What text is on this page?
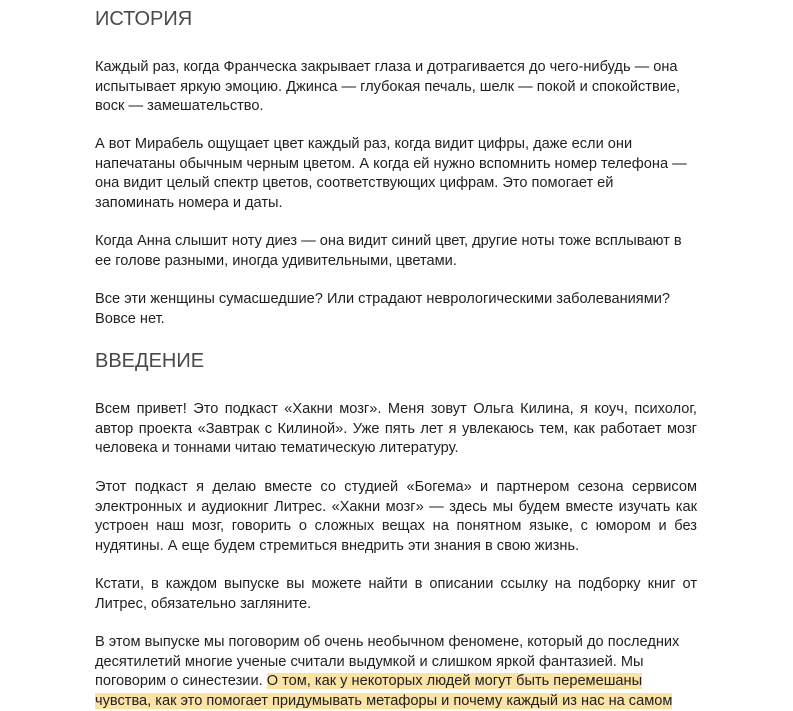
ИСТОРИЯ

Каждый раз, когда Франческа закрывает глаза и дотрагивается до чего-нибудь — она испытывает яркую эмоцию. Джинса — глубокая печаль, шелк — покой и спокойствие, воск — замешательство.

А вот Мирабель ощущает цвет каждый раз, когда видит цифры, даже если они напечатаны обычным черным цветом. А когда ей нужно вспомнить номер телефона — она видит целый спектр цветов, соответствующих цифрам. Это помогает ей запоминать номера и даты.

Когда Анна слышит ноту диез — она видит синий цвет, другие ноты тоже всплывают в ее голове разными, иногда удивительными, цветами.

Все эти женщины сумасшедшие? Или страдают неврологическими заболеваниями? Вовсе нет.

ВВЕДЕНИЕ

Всем привет! Это подкаст «Хакни мозг». Меня зовут Ольга Килина, я коуч, психолог, автор проекта «Завтрак с Килиной». Уже пять лет я увлекаюсь тем, как работает мозг человека и тоннами читаю тематическую литературу.

Этот подкаст я делаю вместе со студией «Богема» и партнером сезона сервисом электронных и аудиокниг Литрес. «Хакни мозг» — здесь мы будем вместе изучать как устроен наш мозг, говорить о сложных вещах на понятном языке, с юмором и без нудятины. А еще будем стремиться внедрить эти знания в свою жизнь.

Кстати, в каждом выпуске вы можете найти в описании ссылку на подборку книг от Литрес, обязательно загляните.

В этом выпуске мы поговорим об очень необычном феномене, который до последних десятилетий многие ученые считали выдумкой и слишком яркой фантазией. Мы поговорим о синестезии. О том, как у некоторых людей могут быть перемешаны чувства, как это помогает придумывать метафоры и почему каждый из нас на самом
